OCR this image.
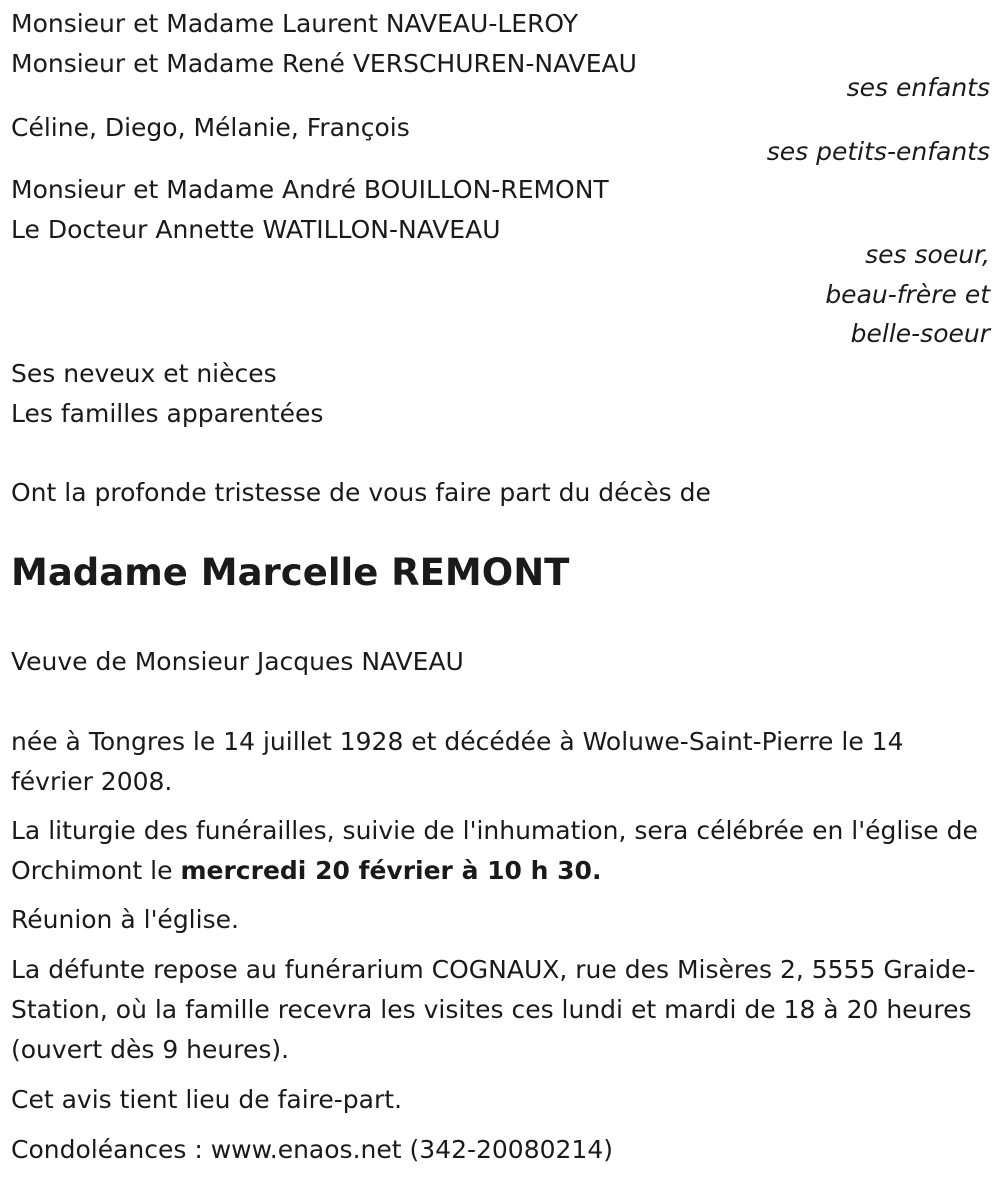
Monsieur et Madame Laurent NAVEAU-LEROY
Monsieur et Madame René VERSCHUREN-NAVEAU
ses enfants
Céline, Diego, Mélanie, François
ses petits-enfants
Monsieur et Madame André BOUILLON-REMONT
Le Docteur Annette WATILLON-NAVEAU
ses soeur,
beau-frère et
belle-soeur
Ses neveux et nièces
Les familles apparentées
Ont la profonde tristesse de vous faire part du décès de
Madame Marcelle REMONT
Veuve de Monsieur Jacques NAVEAU
née à Tongres le 14 juillet 1928 et décédée à Woluwe-Saint-Pierre le 14 février 2008.
La liturgie des funérailles, suivie de l'inhumation, sera célébrée en l'église de Orchimont le mercredi 20 février à 10 h 30.
Réunion à l'église.
La défunte repose au funérarium COGNAUX, rue des Misères 2, 5555 Graide-Station, où la famille recevra les visites ces lundi et mardi de 18 à 20 heures (ouvert dès 9 heures).
Cet avis tient lieu de faire-part.
Condoléances : www.enaos.net (342-20080214)
